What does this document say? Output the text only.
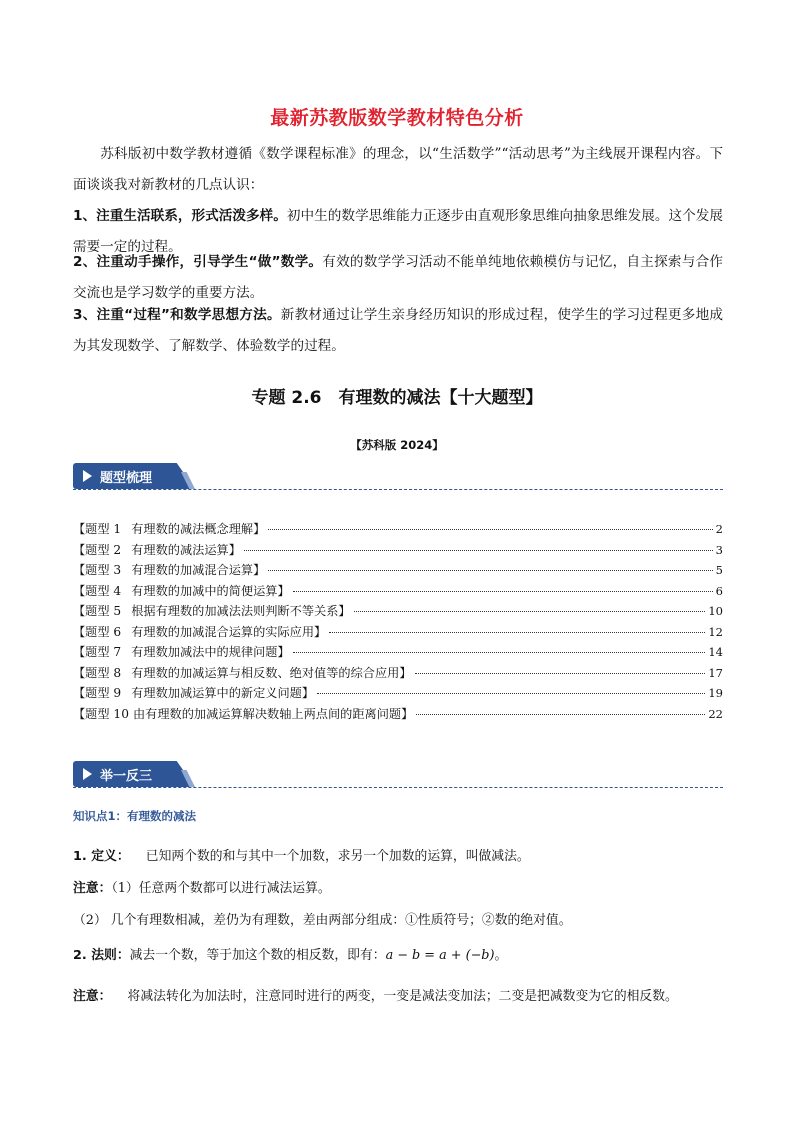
最新苏教版数学教材特色分析
苏科版初中数学教材遵循《数学课程标准》的理念，以“生活数学”“活动思考”为主线展开课程内容。下面谈谈我对新教材的几点认识：
1、注重生活联系，形式活泼多样。初中生的数学思维能力正逐步由直观形象思维向抽象思维发展。这个发展需要一定的过程。
2、注重动手操作，引导学生“做”数学。有效的数学学习活动不能单纯地依赖模仿与记忆，自主探索与合作交流也是学习数学的重要方法。
3、注重“过程”和数学思想方法。新教材通过让学生亲身经历知识的形成过程，使学生的学习过程更多地成为其发现数学、了解数学、体验数学的过程。
专题 2.6　有理数的减法【十大题型】
【苏科版 2024】
题型梳理
【题型 1 有理数的减法概念理解】	2
【题型 2 有理数的减法运算】	3
【题型 3 有理数的加减混合运算】	5
【题型 4 有理数的加减中的简便运算】	6
【题型 5 根据有理数的加减法法则判断不等关系】	10
【题型 6 有理数的加减混合运算的实际应用】	12
【题型 7 有理数加减法中的规律问题】	14
【题型 8 有理数的加减运算与相反数、绝对值等的综合应用】	17
【题型 9 有理数加减运算中的新定义问题】	19
【题型 10 由有理数的加减运算解决数轴上两点间的距离问题】	22
举一反三
知识点1：有理数的减法
1. 定义： 已知两个数的和与其中一个加数，求另一个加数的运算，叫做减法。
注意：（1）任意两个数都可以进行减法运算。
（2） 几个有理数相减，差仍为有理数，差由两部分组成：①性质符号；②数的绝对值。
2. 法则：减去一个数，等于加这个数的相反数，即有：a − b = a + (−b)。
注意： 将减法转化为加法时，注意同时进行的两变，一变是减法变加法；二变是把减数变为它的相反数。
